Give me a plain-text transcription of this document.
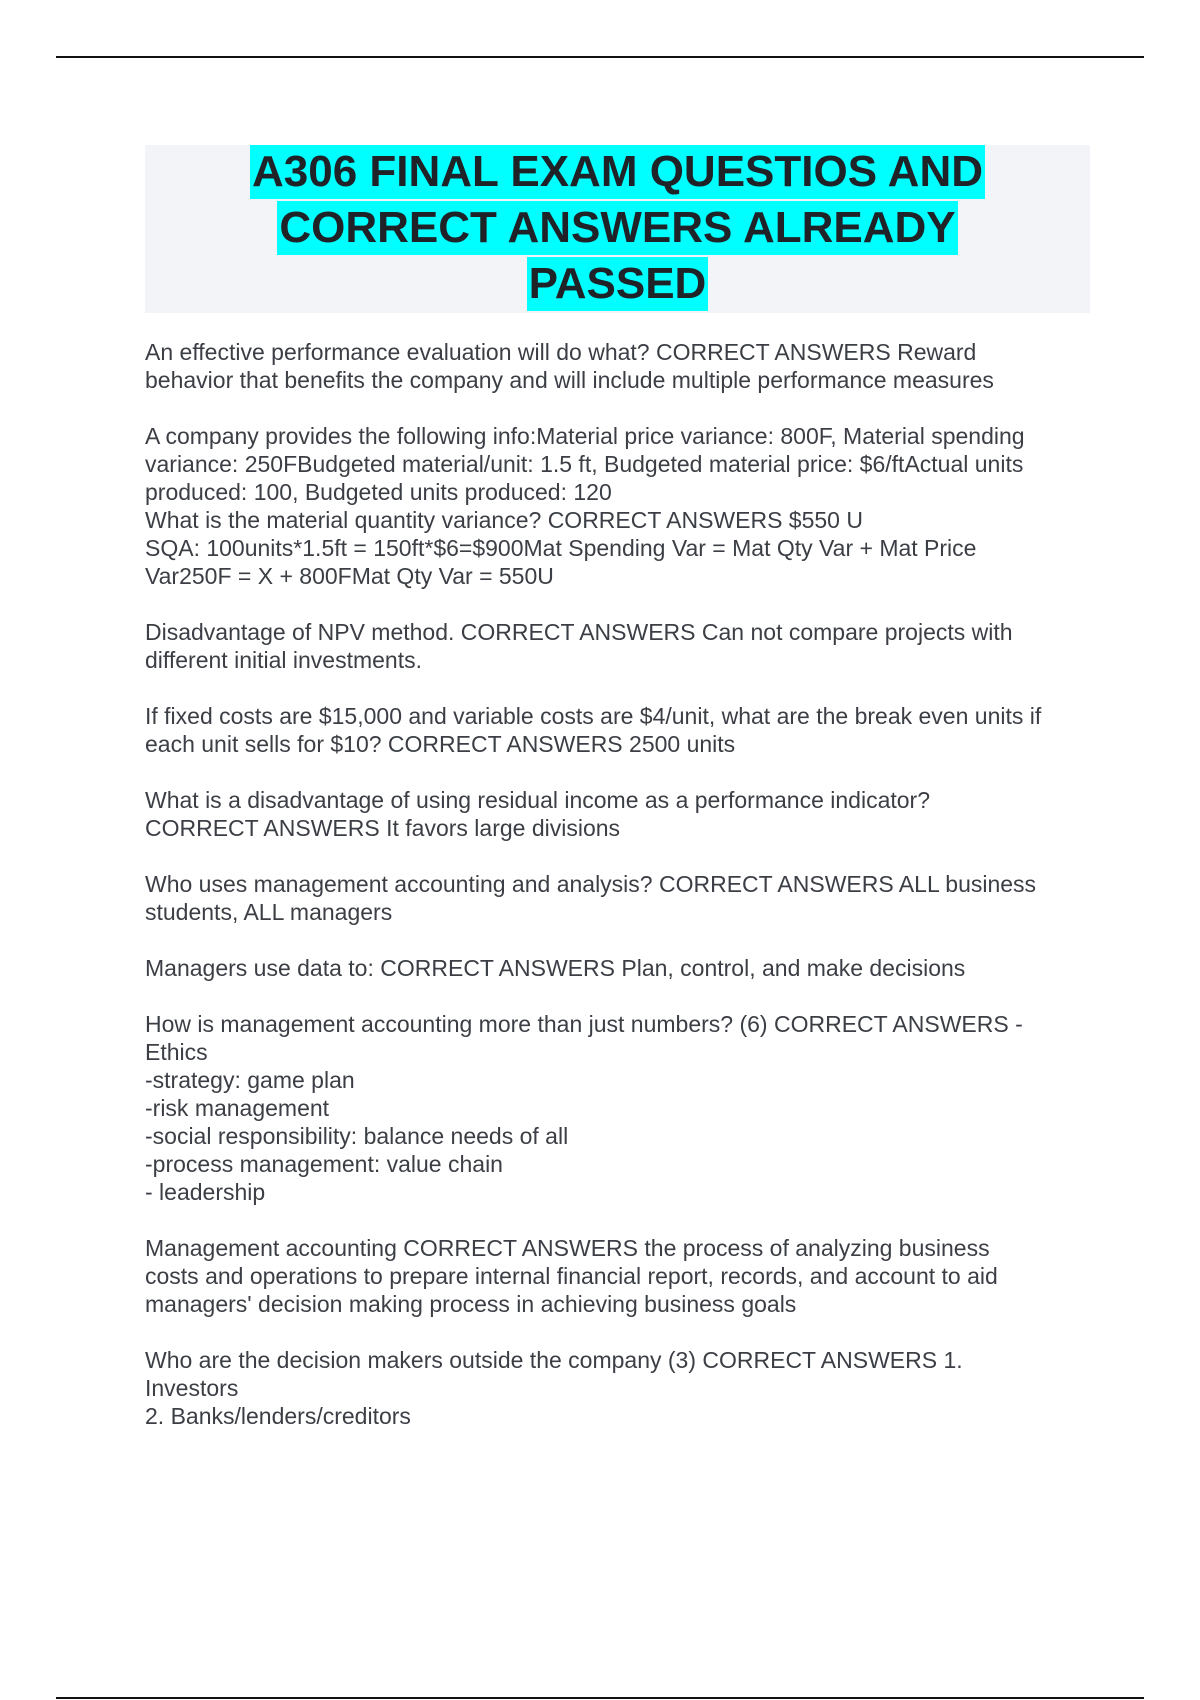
A306 FINAL EXAM QUESTIOS AND
CORRECT ANSWERS ALREADY
PASSED
An effective performance evaluation will do what? CORRECT ANSWERS Reward
behavior that benefits the company and will include multiple performance measures
A company provides the following info:Material price variance: 800F, Material spending
variance: 250FBudgeted material/unit: 1.5 ft, Budgeted material price: $6/ftActual units
produced: 100, Budgeted units produced: 120
What is the material quantity variance? CORRECT ANSWERS $550 U
SQA: 100units*1.5ft = 150ft*$6=$900Mat Spending Var = Mat Qty Var + Mat Price
Var250F = X + 800FMat Qty Var = 550U
Disadvantage of NPV method. CORRECT ANSWERS Can not compare projects with
different initial investments.
If fixed costs are $15,000 and variable costs are $4/unit, what are the break even units if
each unit sells for $10? CORRECT ANSWERS 2500 units
What is a disadvantage of using residual income as a performance indicator?
CORRECT ANSWERS It favors large divisions
Who uses management accounting and analysis? CORRECT ANSWERS ALL business
students, ALL managers
Managers use data to: CORRECT ANSWERS Plan, control, and make decisions
How is management accounting more than just numbers? (6) CORRECT ANSWERS -
Ethics
-strategy: game plan
-risk management
-social responsibility: balance needs of all
-process management: value chain
- leadership
Management accounting CORRECT ANSWERS the process of analyzing business
costs and operations to prepare internal financial report, records, and account to aid
managers' decision making process in achieving business goals
Who are the decision makers outside the company (3) CORRECT ANSWERS 1.
Investors
2. Banks/lenders/creditors
